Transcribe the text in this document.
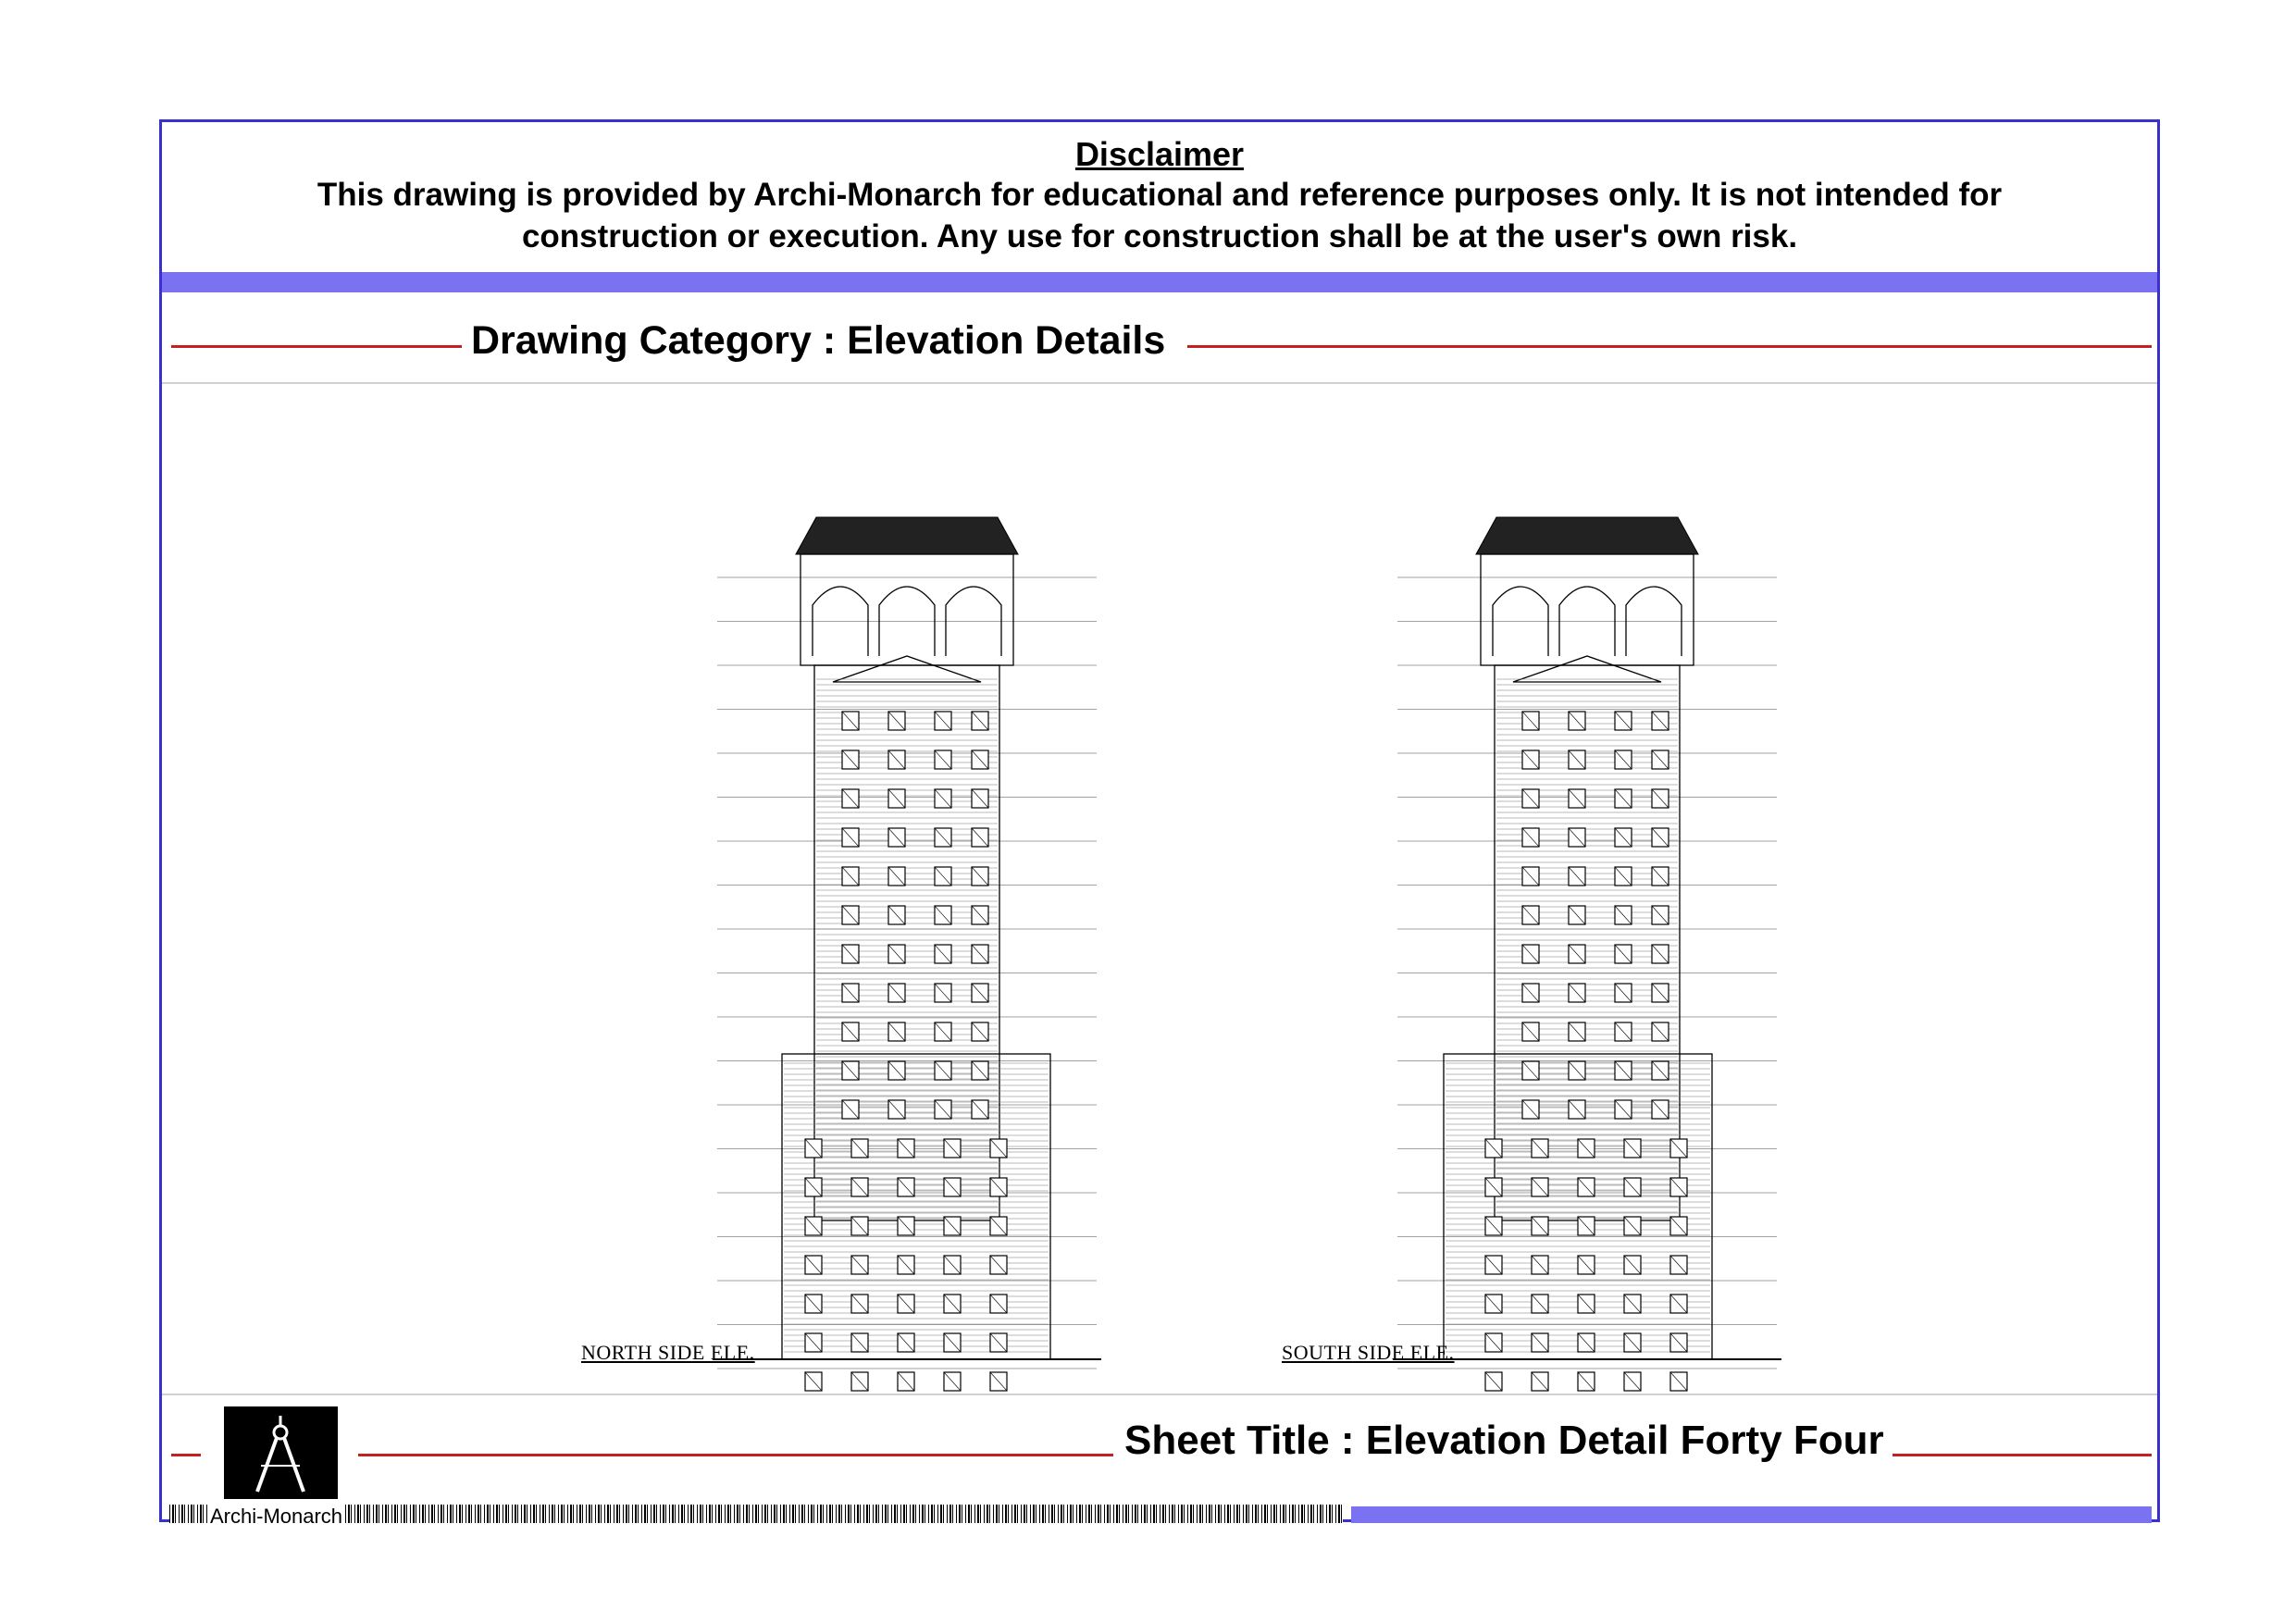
Disclaimer
This drawing is provided by Archi-Monarch for educational and reference purposes only. It is not intended for construction or execution. Any use for construction shall be at the user's own risk.
Drawing Category : Elevation Details
NORTH SIDE ELE.	SOUTH SIDE ELE.
Sheet Title : Elevation Detail Forty Four
Archi-Monarch
